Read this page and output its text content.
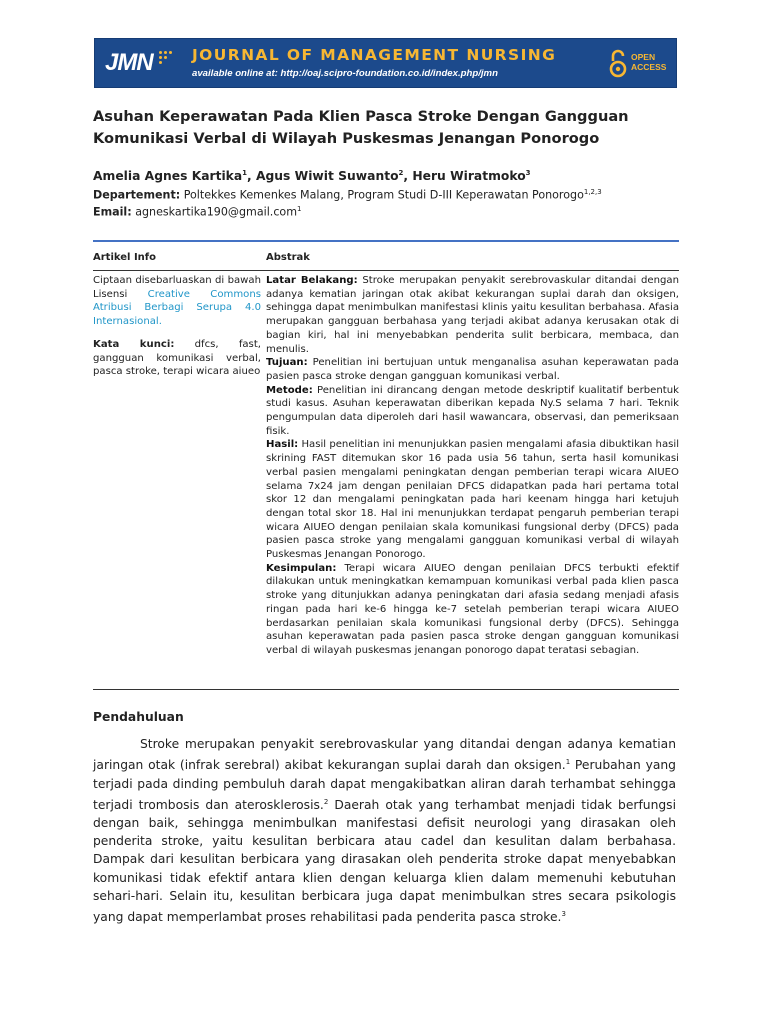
JMN	JOURNAL OF MANAGEMENT NURSING
available online at: http://oaj.scipro-foundation.co.id/index.php/jmn
OPEN
ACCESS
Asuhan Keperawatan Pada Klien Pasca Stroke Dengan Gangguan Komunikasi Verbal di Wilayah Puskesmas Jenangan Ponorogo
Amelia Agnes Kartika$^1$, Agus Wiwit Suwanto$^2$, Heru Wiratmoko$^3$
Departement: Poltekkes Kemenkes Malang, Program Studi D-III Keperawatan Ponorogo$^{1,2,3}$
Email: agneskartika190@gmail.com$^1$
Artikel Info	Abstrak
Ciptaan disebarluaskan di bawah Lisensi Creative Commons Atribusi Berbagi Serupa 4.0 Internasional.
Kata kunci: dfcs, fast, gangguan komunikasi verbal, pasca stroke, terapi wicara aiueo

Latar Belakang: Stroke merupakan penyakit serebrovaskular ditandai dengan adanya kematian jaringan otak akibat kekurangan suplai darah dan oksigen, sehingga dapat menimbulkan manifestasi klinis yaitu kesulitan berbahasa. Afasia merupakan gangguan berbahasa yang terjadi akibat adanya kerusakan otak di bagian kiri, hal ini menyebabkan penderita sulit berbicara, membaca, dan menulis.

Tujuan: Penelitian ini bertujuan untuk menganalisa asuhan keperawatan pada pasien pasca stroke dengan gangguan komunikasi verbal.

Metode: Penelitian ini dirancang dengan metode deskriptif kualitatif berbentuk studi kasus. Asuhan keperawatan diberikan kepada Ny.S selama 7 hari. Teknik pengumpulan data diperoleh dari hasil wawancara, observasi, dan pemeriksaan fisik.

Hasil: Hasil penelitian ini menunjukkan pasien mengalami afasia dibuktikan hasil skrining FAST ditemukan skor 16 pada usia 56 tahun, serta hasil komunikasi verbal pasien mengalami peningkatan dengan pemberian terapi wicara AIUEO selama 7x24 jam dengan penilaian DFCS didapatkan pada hari pertama total skor 12 dan mengalami peningkatan pada hari keenam hingga hari ketujuh dengan total skor 18. Hal ini menunjukkan terdapat pengaruh pemberian terapi wicara AIUEO dengan penilaian skala komunikasi fungsional derby (DFCS) pada pasien pasca stroke yang mengalami gangguan komunikasi verbal di wilayah Puskesmas Jenangan Ponorogo.

Kesimpulan: Terapi wicara AIUEO dengan penilaian DFCS terbukti efektif dilakukan untuk meningkatkan kemampuan komunikasi verbal pada klien pasca stroke yang ditunjukkan adanya peningkatan dari afasia sedang menjadi afasis ringan pada hari ke-6 hingga ke-7 setelah pemberian terapi wicara AIUEO berdasarkan penilaian skala komunikasi fungsional derby (DFCS). Sehingga asuhan keperawatan pada pasien pasca stroke dengan gangguan komunikasi verbal di wilayah puskesmas jenangan ponorogo dapat teratasi sebagian.

Pendahuluan

Stroke merupakan penyakit serebrovaskular yang ditandai dengan adanya kematian jaringan otak (infrak serebral) akibat kekurangan suplai darah dan oksigen.$^1$ Perubahan yang terjadi pada dinding pembuluh darah dapat mengakibatkan aliran darah terhambat sehingga terjadi trombosis dan aterosklerosis.$^2$ Daerah otak yang terhambat menjadi tidak berfungsi dengan baik, sehingga menimbulkan manifestasi defisit neurologi yang dirasakan oleh penderita stroke, yaitu kesulitan berbicara atau cadel dan kesulitan dalam berbahasa. Dampak dari kesulitan berbicara yang dirasakan oleh penderita stroke dapat menyebabkan komunikasi tidak efektif antara klien dengan keluarga klien dalam memenuhi kebutuhan sehari-hari. Selain itu, kesulitan berbicara juga dapat menimbulkan stres secara psikologis yang dapat memperlambat proses rehabilitasi pada penderita pasca stroke.$^3$
